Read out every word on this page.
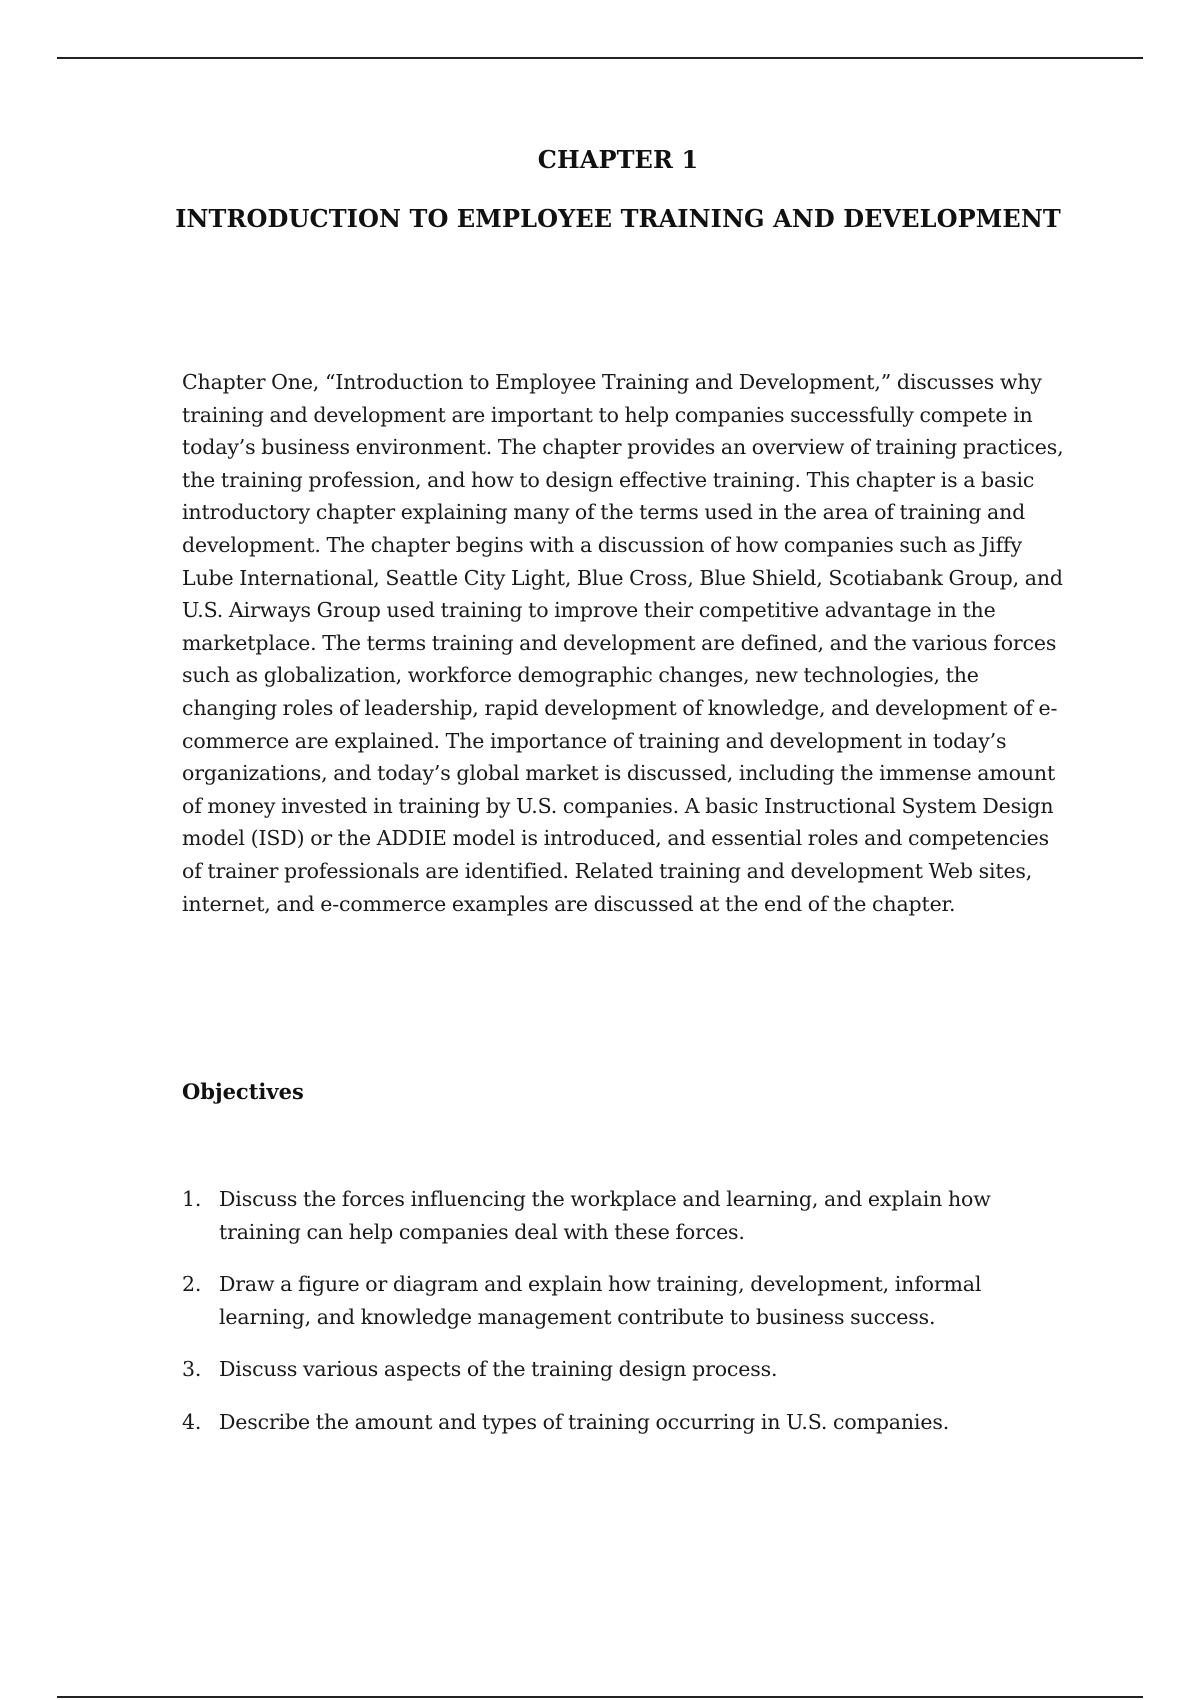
CHAPTER 1
INTRODUCTION TO EMPLOYEE TRAINING AND DEVELOPMENT

Chapter One, “Introduction to Employee Training and Development,” discusses why training and development are important to help companies successfully compete in today’s business environment. The chapter provides an overview of training practices, the training profession, and how to design effective training. This chapter is a basic introductory chapter explaining many of the terms used in the area of training and development. The chapter begins with a discussion of how companies such as Jiffy Lube International, Seattle City Light, Blue Cross, Blue Shield, Scotiabank Group, and U.S. Airways Group used training to improve their competitive advantage in the marketplace. The terms training and development are defined, and the various forces such as globalization, workforce demographic changes, new technologies, the changing roles of leadership, rapid development of knowledge, and development of e-commerce are explained. The importance of training and development in today’s organizations, and today’s global market is discussed, including the immense amount of money invested in training by U.S. companies. A basic Instructional System Design model (ISD) or the ADDIE model is introduced, and essential roles and competencies of trainer professionals are identified. Related training and development Web sites, internet, and e-commerce examples are discussed at the end of the chapter.

Objectives
1. Discuss the forces influencing the workplace and learning, and explain how training can help companies deal with these forces.
2. Draw a figure or diagram and explain how training, development, informal learning, and knowledge management contribute to business success.
3. Discuss various aspects of the training design process.
4. Describe the amount and types of training occurring in U.S. companies.
